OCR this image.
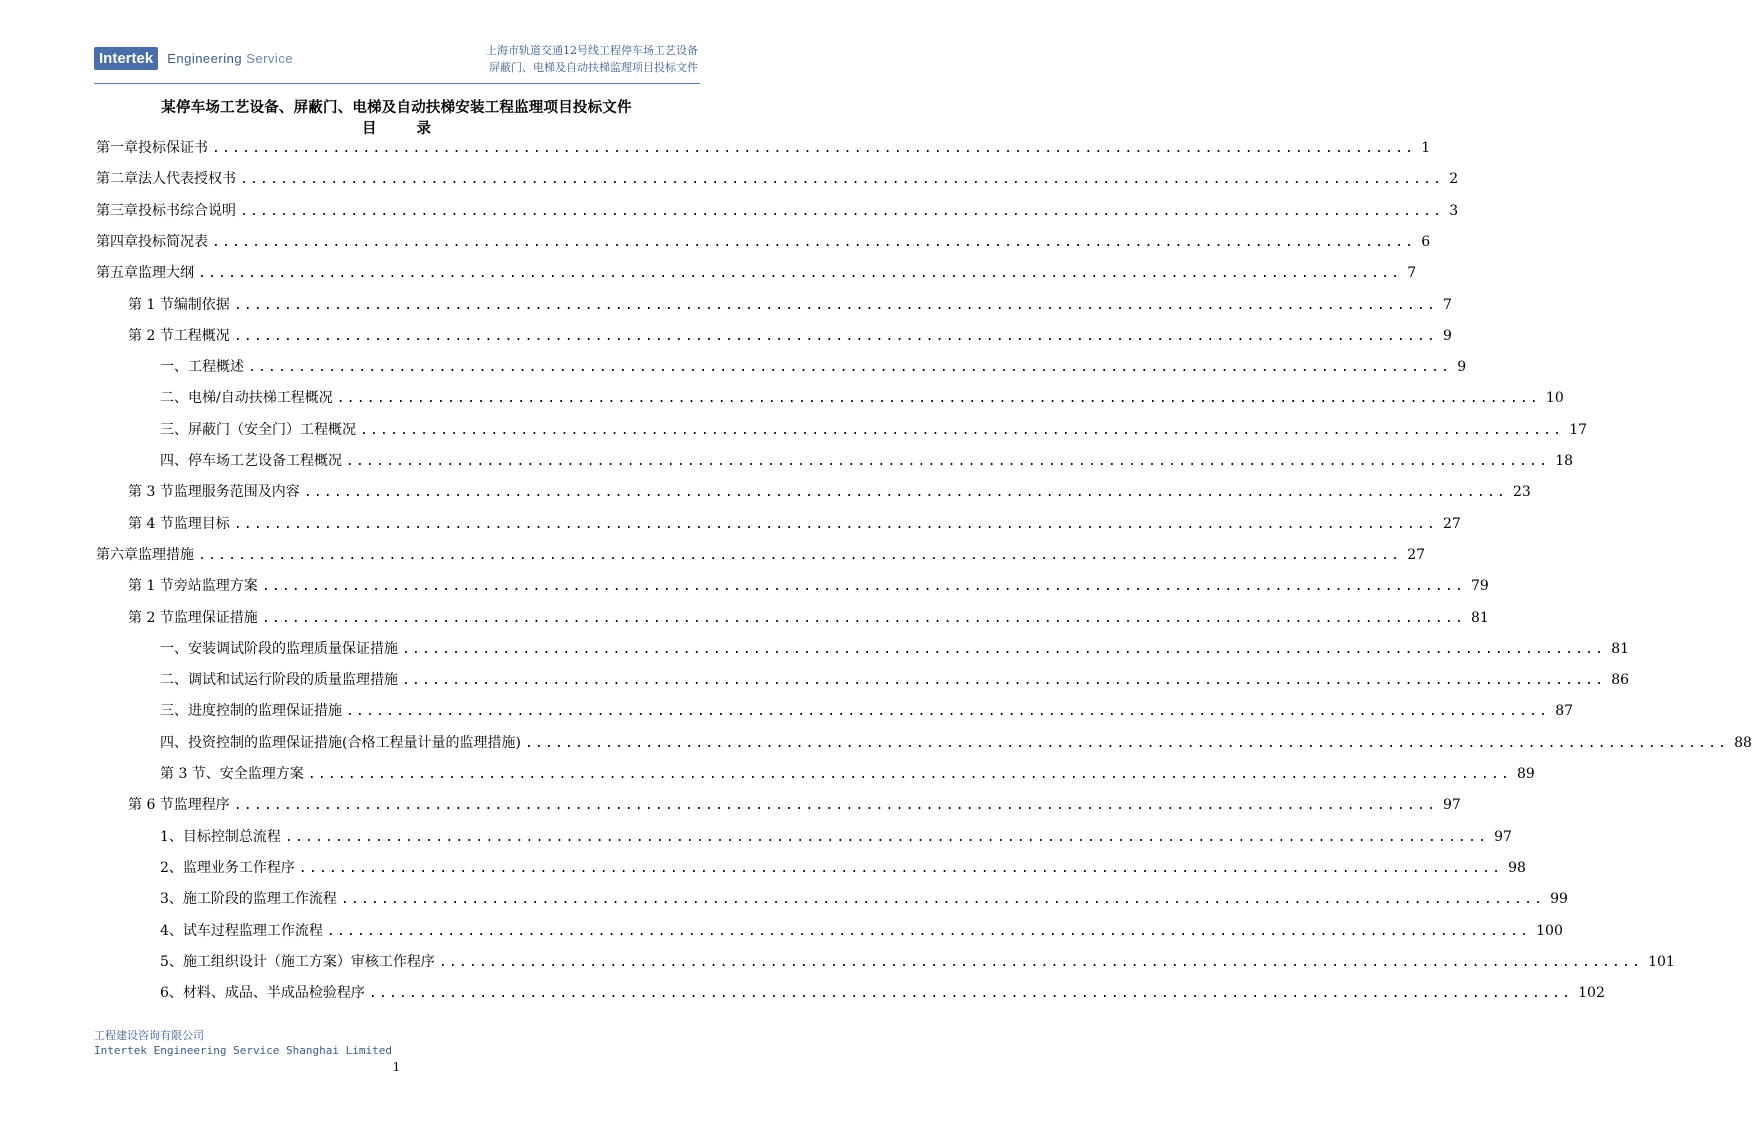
Intertek	Engineering Service
上海市轨道交通12号线工程停车场工艺设备
屏蔽门、电梯及自动扶梯监理项目投标文件
某停车场工艺设备、屏蔽门、电梯及自动扶梯安装工程监理项目投标文件
目	录
第一章 投标保证书 ........................................................................................................................ 1
第二章 法人代表授权书 ........................................................................................................................ 2
第三章 投标书综合说明 ........................................................................................................................ 3
第四章 投标简况表 ........................................................................................................................ 6
第五章 监理大纲 ........................................................................................................................ 7
第 1 节 编制依据 ........................................................................................................................ 7
第 2 节 工程概况 ........................................................................................................................ 9
一、工程概述 ........................................................................................................................ 9
二、电梯/自动扶梯工程概况 ........................................................................................................................ 10
三、屏蔽门（安全门）工程概况 ........................................................................................................................ 17
四、停车场工艺设备工程概况 ........................................................................................................................ 18
第 3 节 监理服务范围及内容 ........................................................................................................................ 23
第 4 节 监理目标 ........................................................................................................................ 27
第六章 监理措施 ........................................................................................................................ 27
第 1 节 旁站监理方案 ........................................................................................................................ 79
第 2 节 监理保证措施 ........................................................................................................................ 81
一、安装调试阶段的监理质量保证措施 ........................................................................................................................ 81
二、调试和试运行阶段的质量监理措施 ........................................................................................................................ 86
三、进度控制的监理保证措施 ........................................................................................................................ 87
四、投资控制的监理保证措施(合格工程量计量的监理措施) ........................................................................................................................ 88
第 3 节、安全监理方案 ........................................................................................................................ 89
第 6 节 监理程序 ........................................................................................................................ 97
1、目标控制总流程 ........................................................................................................................ 97
2、监理业务工作程序 ........................................................................................................................ 98
3、施工阶段的监理工作流程 ........................................................................................................................ 99
4、试车过程监理工作流程 ........................................................................................................................ 100
5、施工组织设计（施工方案）审核工作程序 ........................................................................................................................ 101
6、材料、成品、半成品检验程序 ........................................................................................................................ 102
工程建设咨询有限公司
Intertek Engineering Service Shanghai Limited
1
